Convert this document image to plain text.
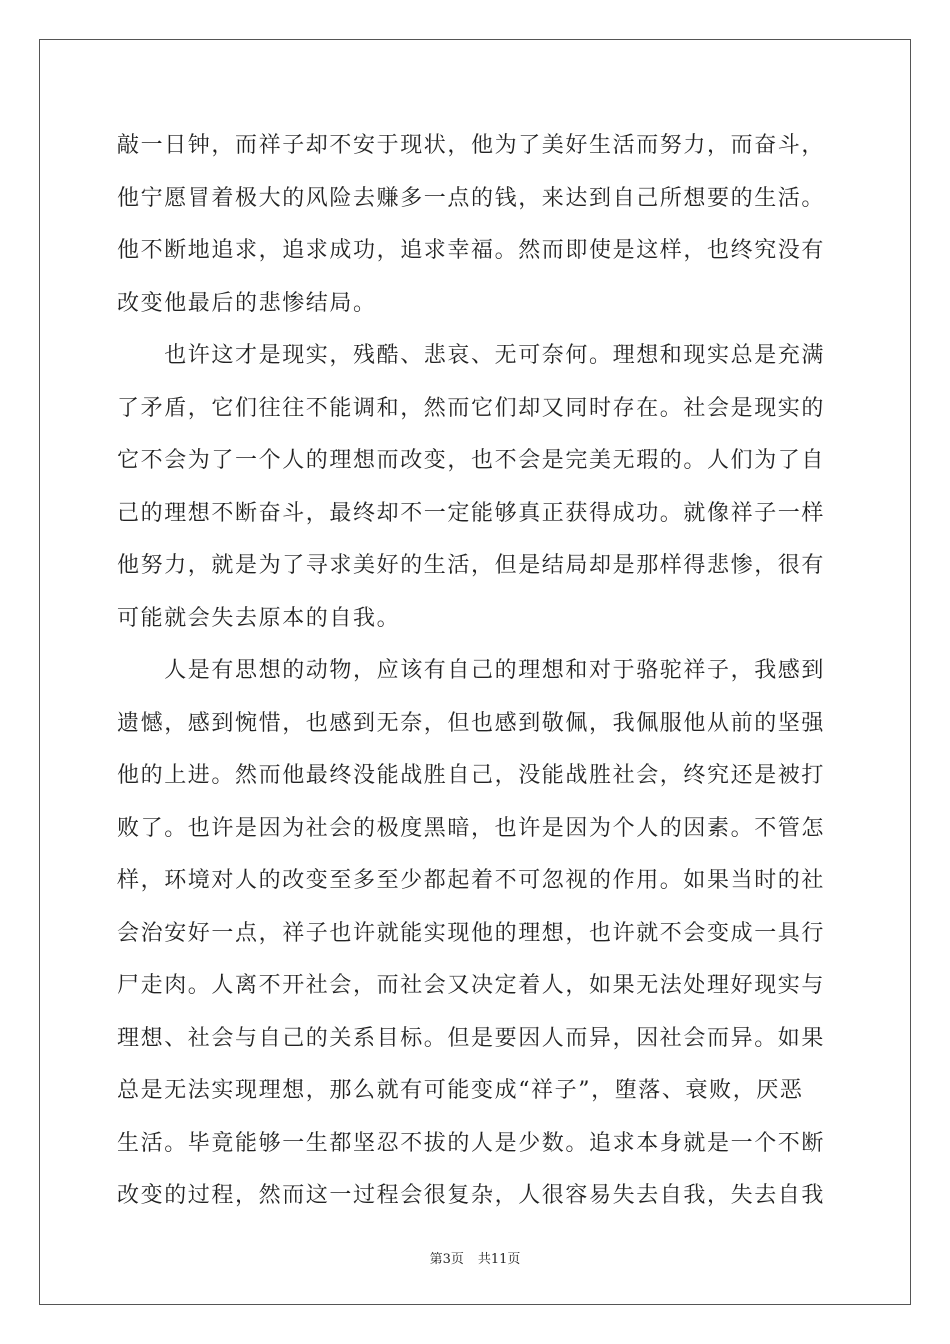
敲一日钟，而祥子却不安于现状，他为了美好生活而努力，而奋斗，
他宁愿冒着极大的风险去赚多一点的钱，来达到自己所想要的生活。
他不断地追求，追求成功，追求幸福。然而即使是这样，也终究没有
改变他最后的悲惨结局。
　　也许这才是现实，残酷、悲哀、无可奈何。理想和现实总是充满
了矛盾，它们往往不能调和，然而它们却又同时存在。社会是现实的
它不会为了一个人的理想而改变，也不会是完美无瑕的。人们为了自
己的理想不断奋斗，最终却不一定能够真正获得成功。就像祥子一样
他努力，就是为了寻求美好的生活，但是结局却是那样得悲惨，很有
可能就会失去原本的自我。
　　人是有思想的动物，应该有自己的理想和对于骆驼祥子，我感到
遗憾，感到惋惜，也感到无奈，但也感到敬佩，我佩服他从前的坚强
他的上进。然而他最终没能战胜自己，没能战胜社会，终究还是被打
败了。也许是因为社会的极度黑暗，也许是因为个人的因素。不管怎
样，环境对人的改变至多至少都起着不可忽视的作用。如果当时的社
会治安好一点，祥子也许就能实现他的理想，也许就不会变成一具行
尸走肉。人离不开社会，而社会又决定着人，如果无法处理好现实与
理想、社会与自己的关系目标。但是要因人而异，因社会而异。如果
总是无法实现理想，那么就有可能变成“祥子”，堕落、衰败，厌恶
生活。毕竟能够一生都坚忍不拔的人是少数。追求本身就是一个不断
改变的过程，然而这一过程会很复杂，人很容易失去自我，失去自我
第3页 共11页
